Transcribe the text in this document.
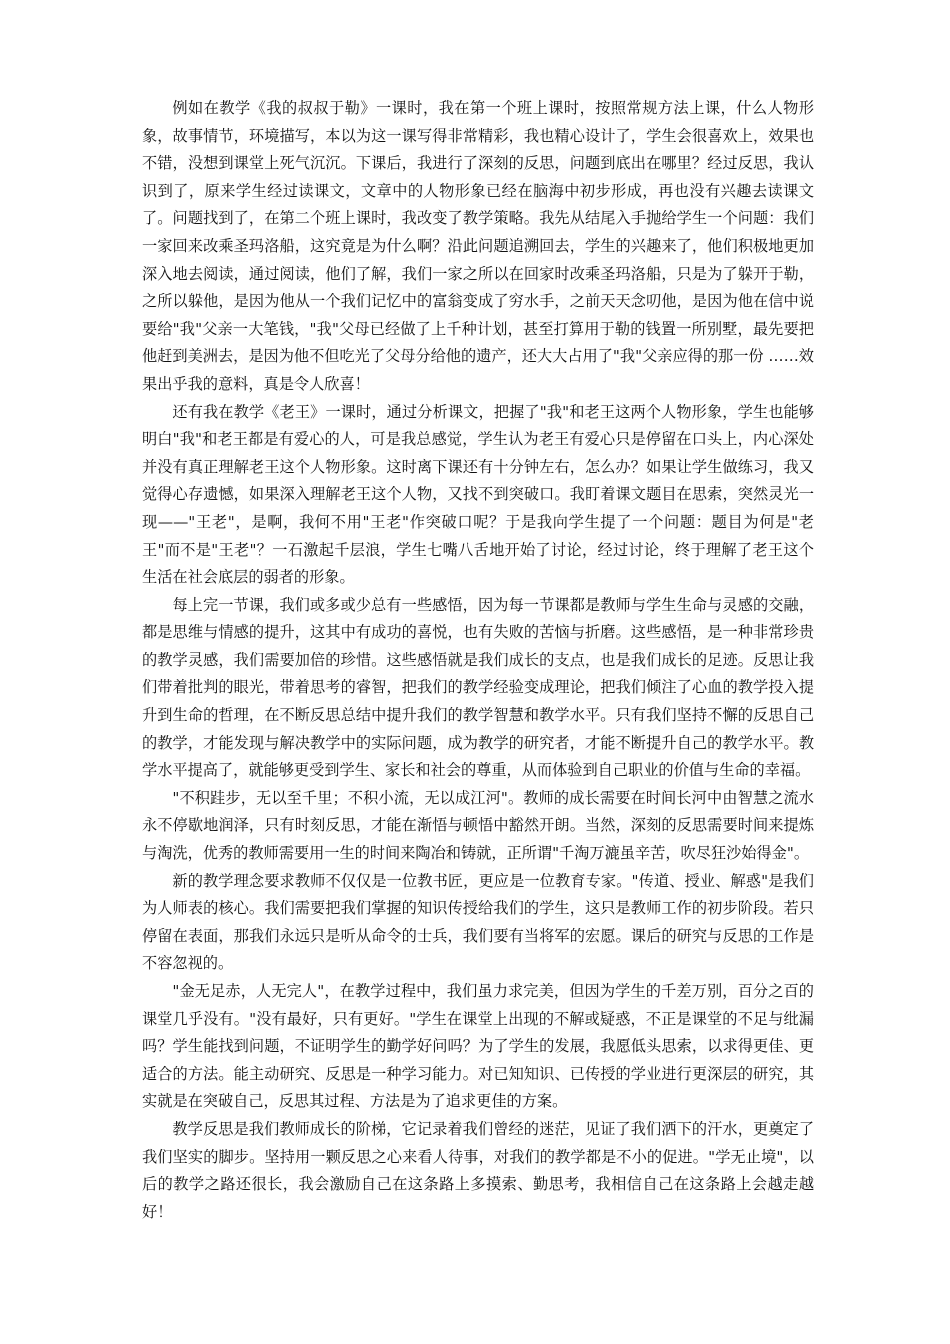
例如在教学《我的叔叔于勒》一课时，我在第一个班上课时，按照常规方法上课，什么人物形象，故事情节，环境描写，本以为这一课写得非常精彩，我也精心设计了，学生会很喜欢上，效果也不错，没想到课堂上死气沉沉。下课后，我进行了深刻的反思，问题到底出在哪里？经过反思，我认识到了，原来学生经过读课文，文章中的人物形象已经在脑海中初步形成，再也没有兴趣去读课文了。问题找到了，在第二个班上课时，我改变了教学策略。我先从结尾入手抛给学生一个问题：我们一家回来改乘圣玛洛船，这究竟是为什么啊？沿此问题追溯回去，学生的兴趣来了，他们积极地更加深入地去阅读，通过阅读，他们了解，我们一家之所以在回家时改乘圣玛洛船，只是为了躲开于勒，之所以躲他，是因为他从一个我们记忆中的富翁变成了穷水手，之前天天念叨他，是因为他在信中说要给"我"父亲一大笔钱，"我"父母已经做了上千种计划，甚至打算用于勒的钱置一所别墅，最先要把他赶到美洲去，是因为他不但吃光了父母分给他的遗产，还大大占用了"我"父亲应得的那一份 ……效果出乎我的意料，真是令人欣喜！

还有我在教学《老王》一课时，通过分析课文，把握了"我"和老王这两个人物形象，学生也能够明白"我"和老王都是有爱心的人，可是我总感觉，学生认为老王有爱心只是停留在口头上，内心深处并没有真正理解老王这个人物形象。这时离下课还有十分钟左右，怎么办？如果让学生做练习，我又觉得心存遗憾，如果深入理解老王这个人物，又找不到突破口。我盯着课文题目在思索，突然灵光一现——"王老"，是啊，我何不用"王老"作突破口呢？于是我向学生提了一个问题：题目为何是"老王"而不是"王老"？一石激起千层浪，学生七嘴八舌地开始了讨论，经过讨论，终于理解了老王这个生活在社会底层的弱者的形象。

每上完一节课，我们或多或少总有一些感悟，因为每一节课都是教师与学生生命与灵感的交融，都是思维与情感的提升，这其中有成功的喜悦，也有失败的苦恼与折磨。这些感悟，是一种非常珍贵的教学灵感，我们需要加倍的珍惜。这些感悟就是我们成长的支点，也是我们成长的足迹。反思让我们带着批判的眼光，带着思考的睿智，把我们的教学经验变成理论，把我们倾注了心血的教学投入提升到生命的哲理，在不断反思总结中提升我们的教学智慧和教学水平。只有我们坚持不懈的反思自己的教学，才能发现与解决教学中的实际问题，成为教学的研究者，才能不断提升自己的教学水平。教学水平提高了，就能够更受到学生、家长和社会的尊重，从而体验到自己职业的价值与生命的幸福。

"不积跬步，无以至千里；不积小流，无以成江河"。教师的成长需要在时间长河中由智慧之流水永不停歇地润泽，只有时刻反思，才能在渐悟与顿悟中豁然开朗。当然，深刻的反思需要时间来提炼与淘洗，优秀的教师需要用一生的时间来陶冶和铸就，正所谓"千淘万漉虽辛苦，吹尽狂沙始得金"。

新的教学理念要求教师不仅仅是一位教书匠，更应是一位教育专家。"传道、授业、解惑"是我们为人师表的核心。我们需要把我们掌握的知识传授给我们的学生，这只是教师工作的初步阶段。若只停留在表面，那我们永远只是听从命令的士兵，我们要有当将军的宏愿。课后的研究与反思的工作是不容忽视的。

"金无足赤，人无完人"，在教学过程中，我们虽力求完美，但因为学生的千差万别，百分之百的课堂几乎没有。"没有最好，只有更好。"学生在课堂上出现的不解或疑惑，不正是课堂的不足与纰漏吗？学生能找到问题，不证明学生的勤学好问吗？为了学生的发展，我愿低头思索，以求得更佳、更适合的方法。能主动研究、反思是一种学习能力。对已知知识、已传授的学业进行更深层的研究，其实就是在突破自己，反思其过程、方法是为了追求更佳的方案。

教学反思是我们教师成长的阶梯，它记录着我们曾经的迷茫，见证了我们洒下的汗水，更奠定了我们坚实的脚步。坚持用一颗反思之心来看人待事，对我们的教学都是不小的促进。"学无止境"，以后的教学之路还很长，我会激励自己在这条路上多摸索、勤思考，我相信自己在这条路上会越走越好！
